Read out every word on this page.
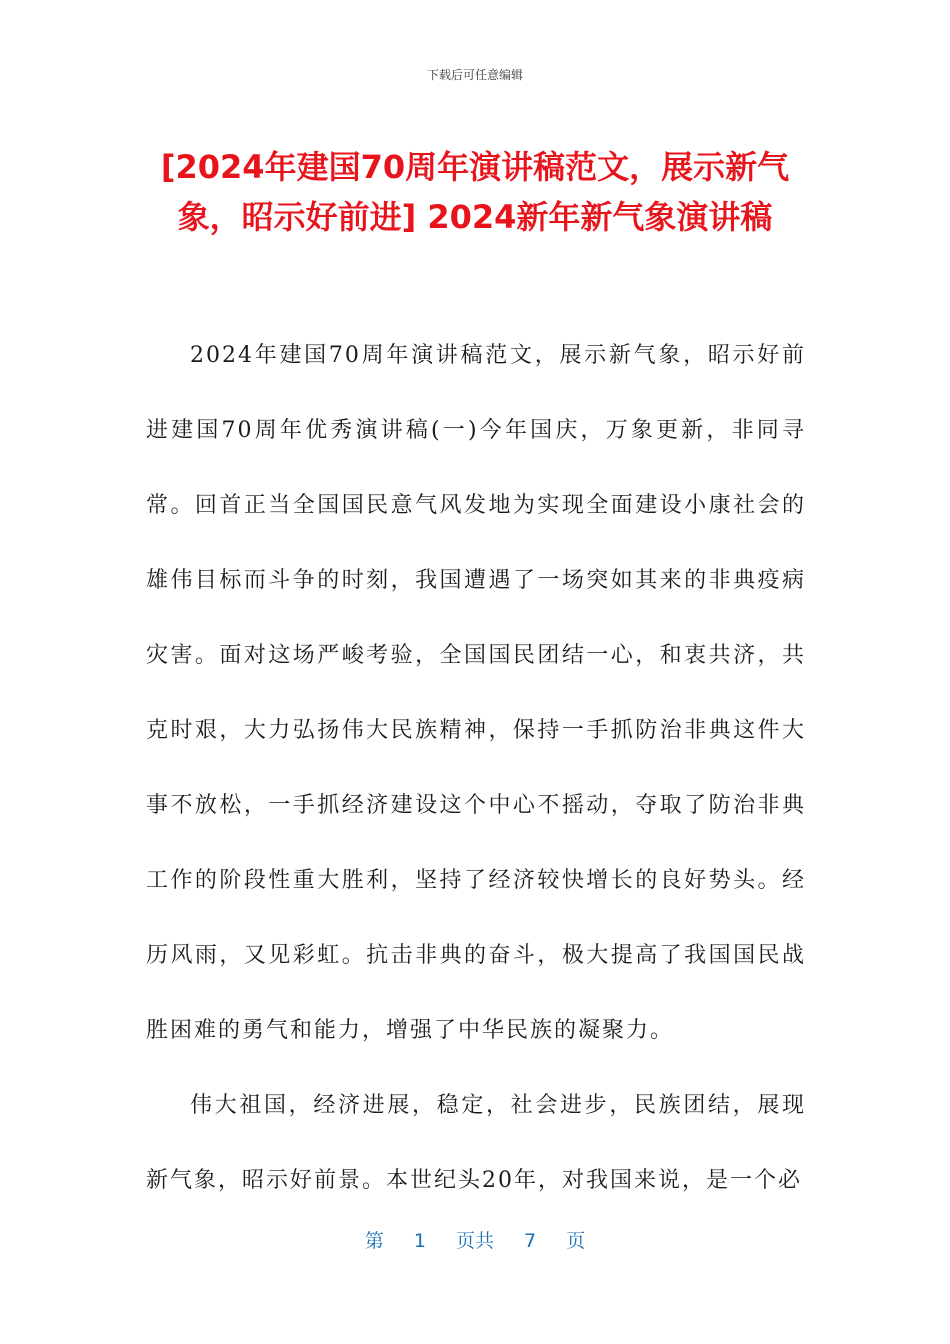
下载后可任意编辑
[2024年建国70周年演讲稿范文，展示新气象，昭示好前进] 2024新年新气象演讲稿

2024年建国70周年演讲稿范文，展示新气象，昭示好前进建国70周年优秀演讲稿(一)今年国庆，万象更新，非同寻常。回首正当全国国民意气风发地为实现全面建设小康社会的雄伟目标而斗争的时刻，我国遭遇了一场突如其来的非典疫病灾害。面对这场严峻考验，全国国民团结一心，和衷共济，共克时艰，大力弘扬伟大民族精神，保持一手抓防治非典这件大事不放松，一手抓经济建设这个中心不摇动，夺取了防治非典工作的阶段性重大胜利，坚持了经济较快增长的良好势头。经历风雨，又见彩虹。抗击非典的奋斗，极大提高了我国国民战胜困难的勇气和能力，增强了中华民族的凝聚力。

伟大祖国，经济进展，稳定，社会进步，民族团结，展现新气象，昭示好前景。本世纪头20年，对我国来说，是一个必

第 1 页共 7 页
